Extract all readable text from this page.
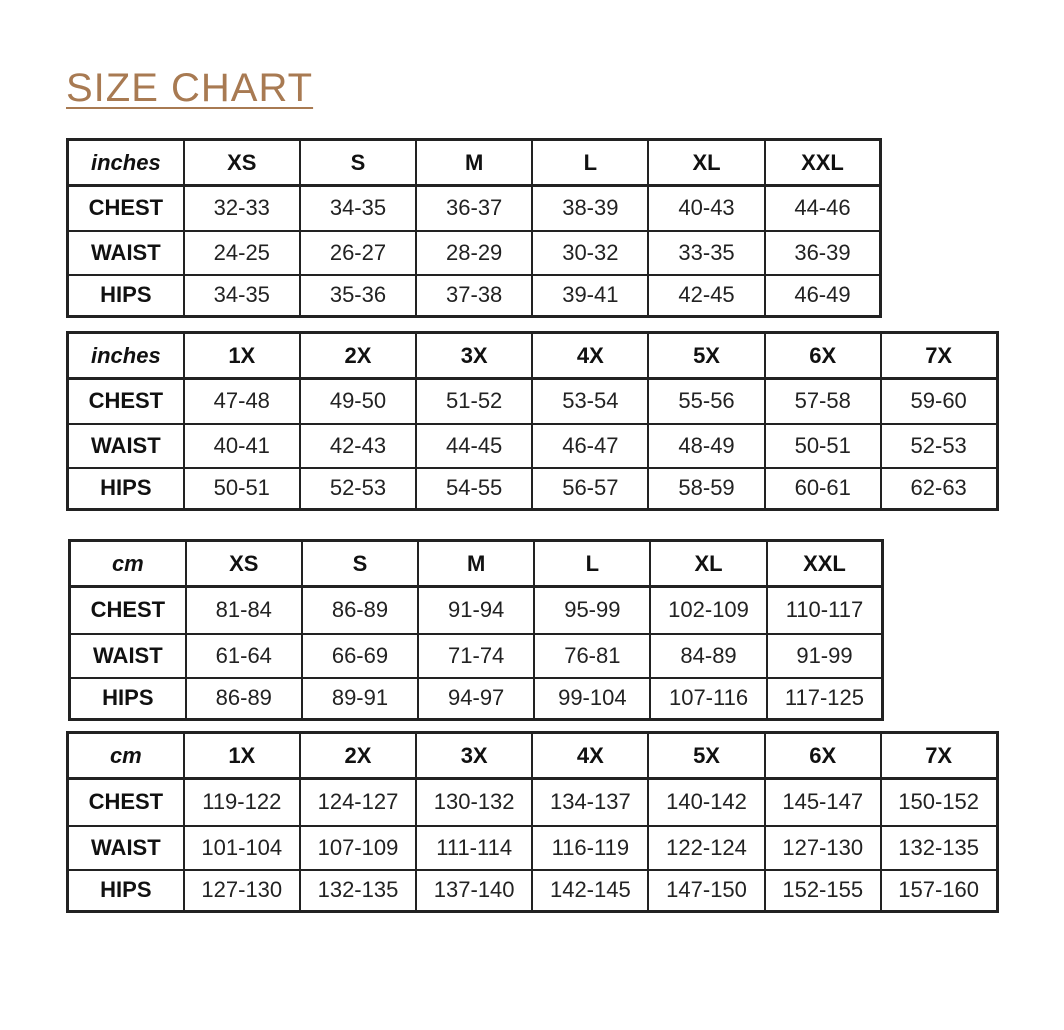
SIZE CHART
inches	XS	S	M	L	XL	XXL
CHEST	32-33	34-35	36-37	38-39	40-43	44-46
WAIST	24-25	26-27	28-29	30-32	33-35	36-39
HIPS	34-35	35-36	37-38	39-41	42-45	46-49
inches	1X	2X	3X	4X	5X	6X	7X
CHEST	47-48	49-50	51-52	53-54	55-56	57-58	59-60
WAIST	40-41	42-43	44-45	46-47	48-49	50-51	52-53
HIPS	50-51	52-53	54-55	56-57	58-59	60-61	62-63
cm	XS	S	M	L	XL	XXL
CHEST	81-84	86-89	91-94	95-99	102-109	110-117
WAIST	61-64	66-69	71-74	76-81	84-89	91-99
HIPS	86-89	89-91	94-97	99-104	107-116	117-125
cm	1X	2X	3X	4X	5X	6X	7X
CHEST	119-122	124-127	130-132	134-137	140-142	145-147	150-152
WAIST	101-104	107-109	111-114	116-119	122-124	127-130	132-135
HIPS	127-130	132-135	137-140	142-145	147-150	152-155	157-160
